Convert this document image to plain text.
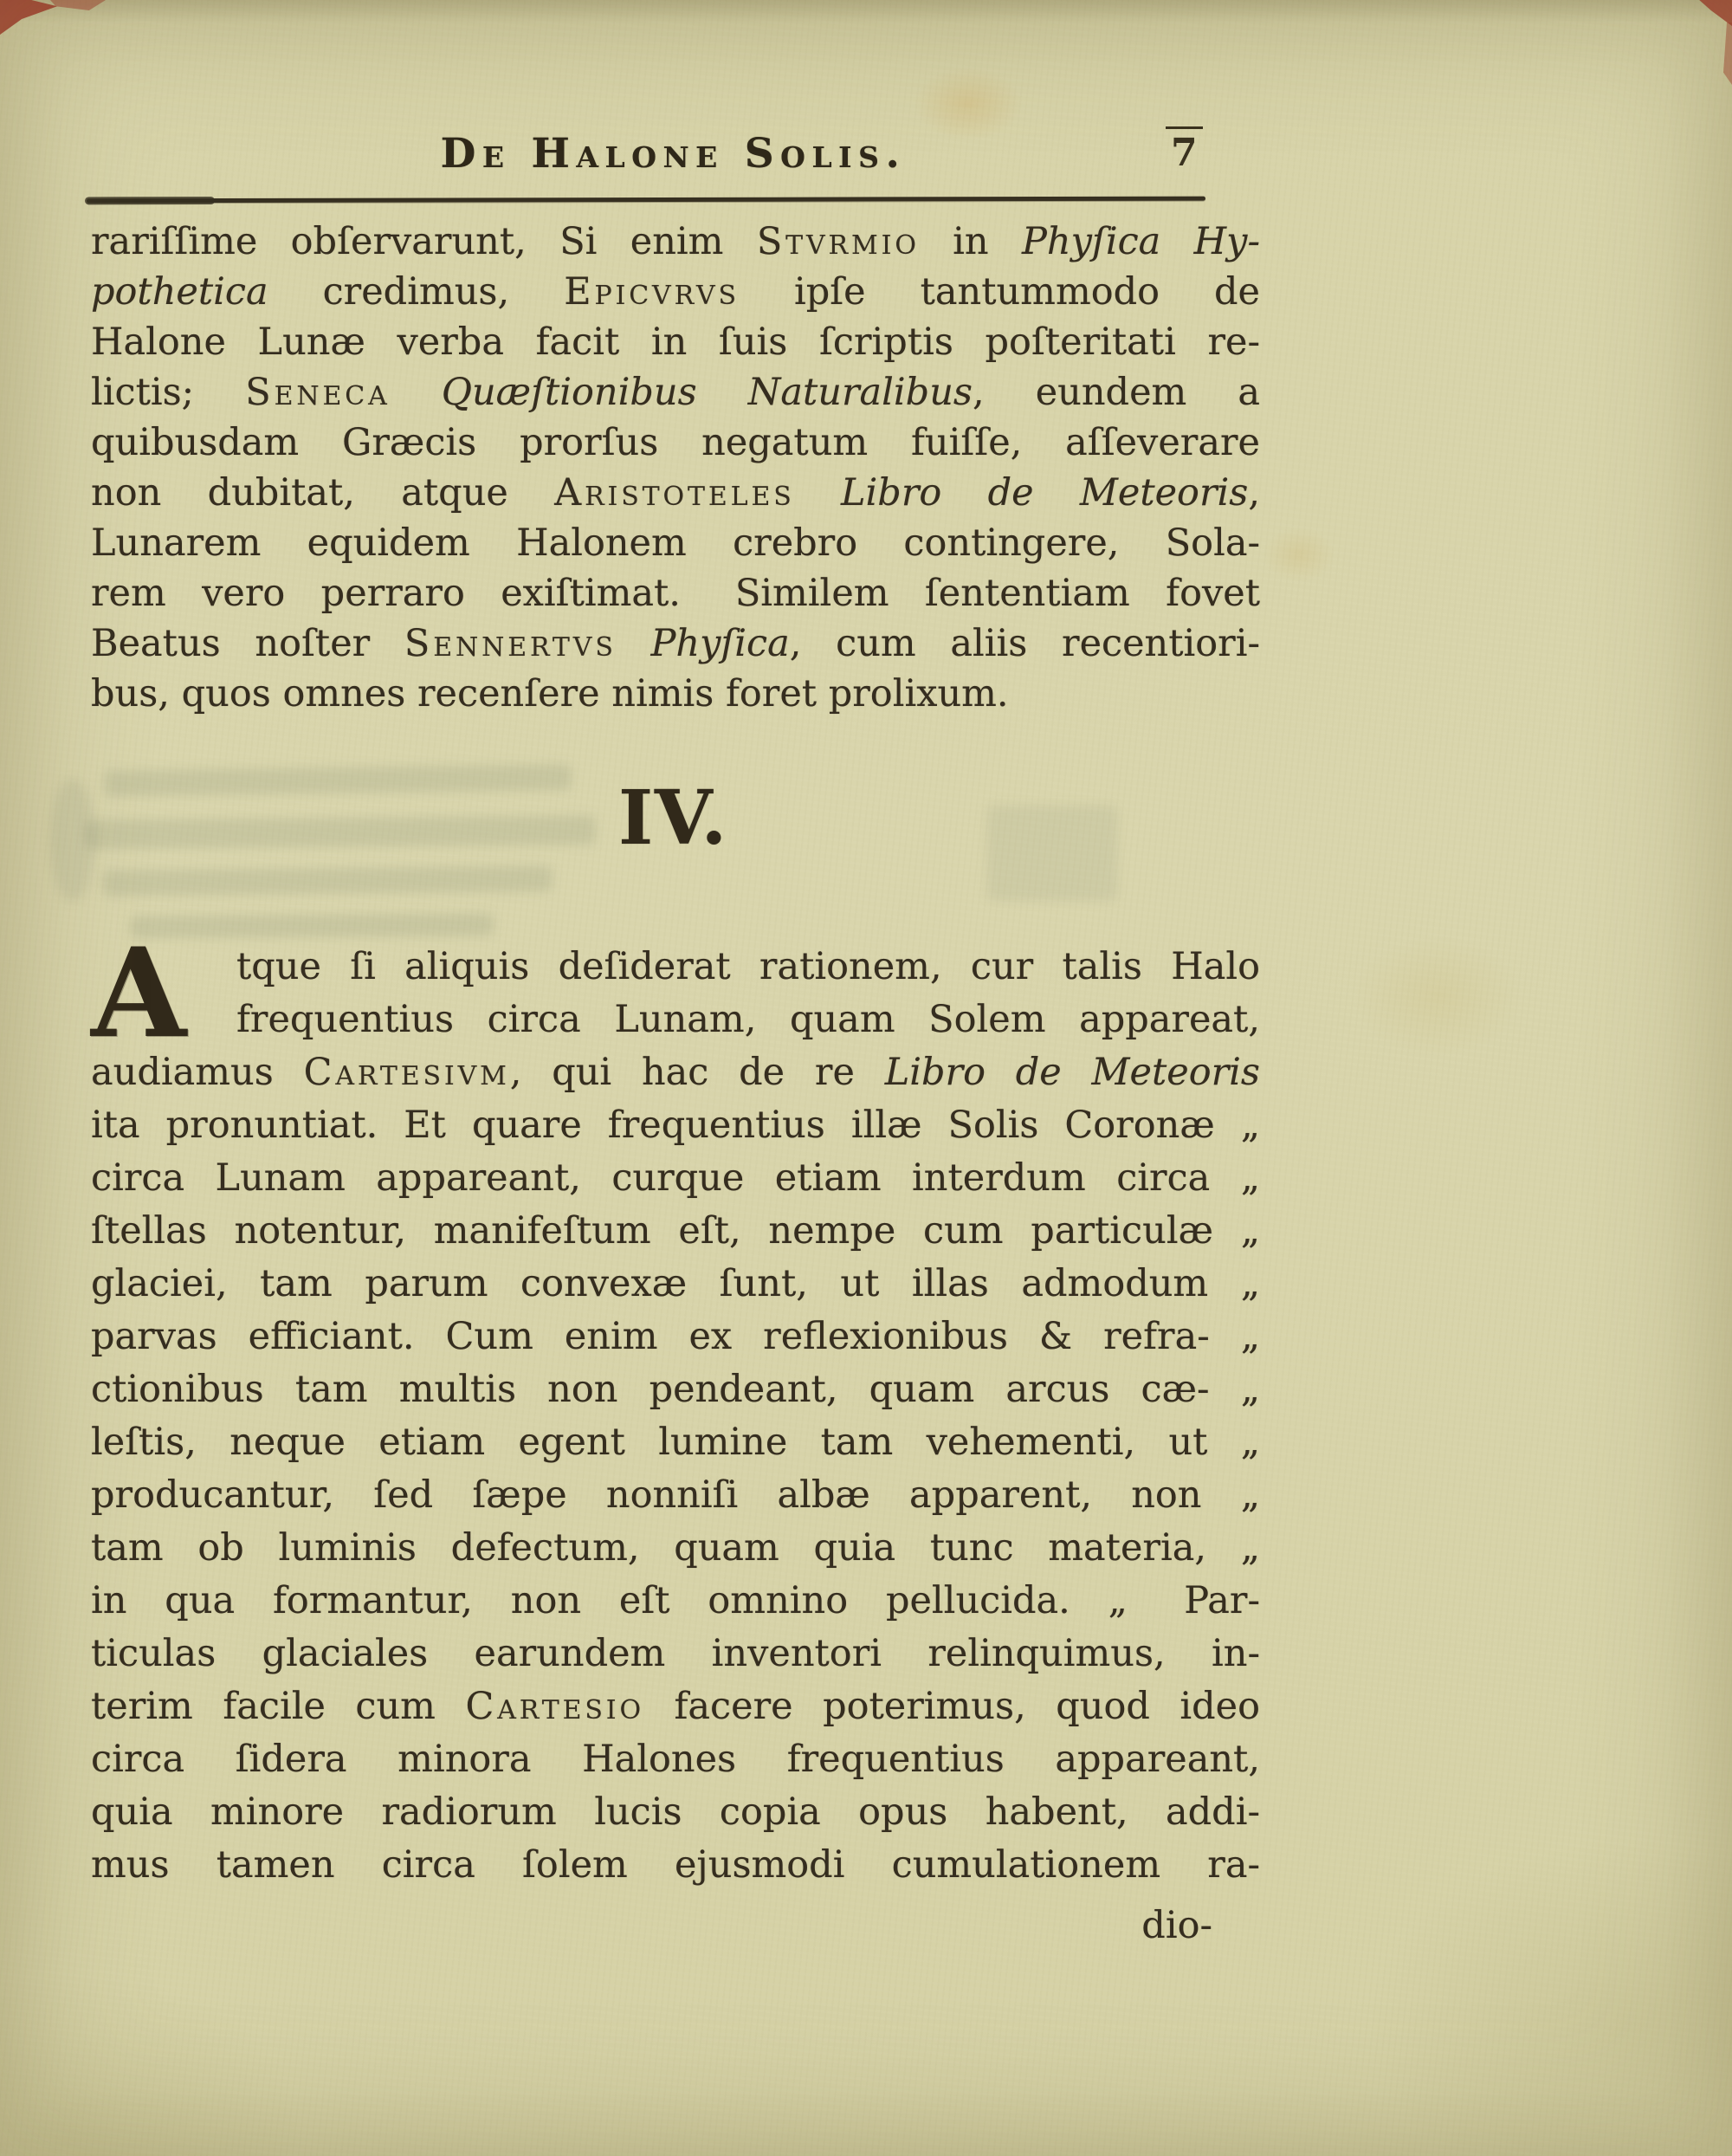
De Halone Solis.	7
rariſſime obſervarunt, Si enim Stvrmio in Phyſica Hy-
pothetica credimus, Epicvrvs ipſe tantummodo de
Halone Lunæ verba facit in ſuis ſcriptis poſteritati re-
lictis; Seneca Quæſtionibus Naturalibus, eundem a
quibusdam Græcis prorſus negatum fuiſſe, aſſeverare
non dubitat, atque Aristoteles Libro de Meteoris,
Lunarem equidem Halonem crebro contingere, Sola-
rem vero perraro exiſtimat.  Similem ſententiam fovet
Beatus noſter Sennertvs Phyſica, cum aliis recentiori-
bus, quos omnes recenſere nimis foret prolixum.
IV.
A	tque ſi aliquis deſiderat rationem, cur talis Halo
frequentius circa Lunam, quam Solem appareat,
audiamus Cartesivm, qui hac de re Libro de Meteoris
ita pronuntiat. Et quare frequentius illæ Solis Coronæ „
circa Lunam appareant, curque etiam interdum circa „
ſtellas notentur, manifeſtum eſt, nempe cum particulæ „
glaciei, tam parum convexæ ſunt, ut illas admodum „
parvas efficiant. Cum enim ex reflexionibus & refra- „
ctionibus tam multis non pendeant, quam arcus cæ- „
leſtis, neque etiam egent lumine tam vehementi, ut „
producantur, ſed ſæpe nonniſi albæ apparent, non „
tam ob luminis defectum, quam quia tunc materia, „
in qua formantur, non eſt omnino pellucida. „  Par-
ticulas glaciales earundem inventori relinquimus, in-
terim facile cum Cartesio facere poterimus, quod ideo
circa ſidera minora Halones frequentius appareant,
quia minore radiorum lucis copia opus habent, addi-
mus tamen circa ſolem ejusmodi cumulationem ra-
dio-
